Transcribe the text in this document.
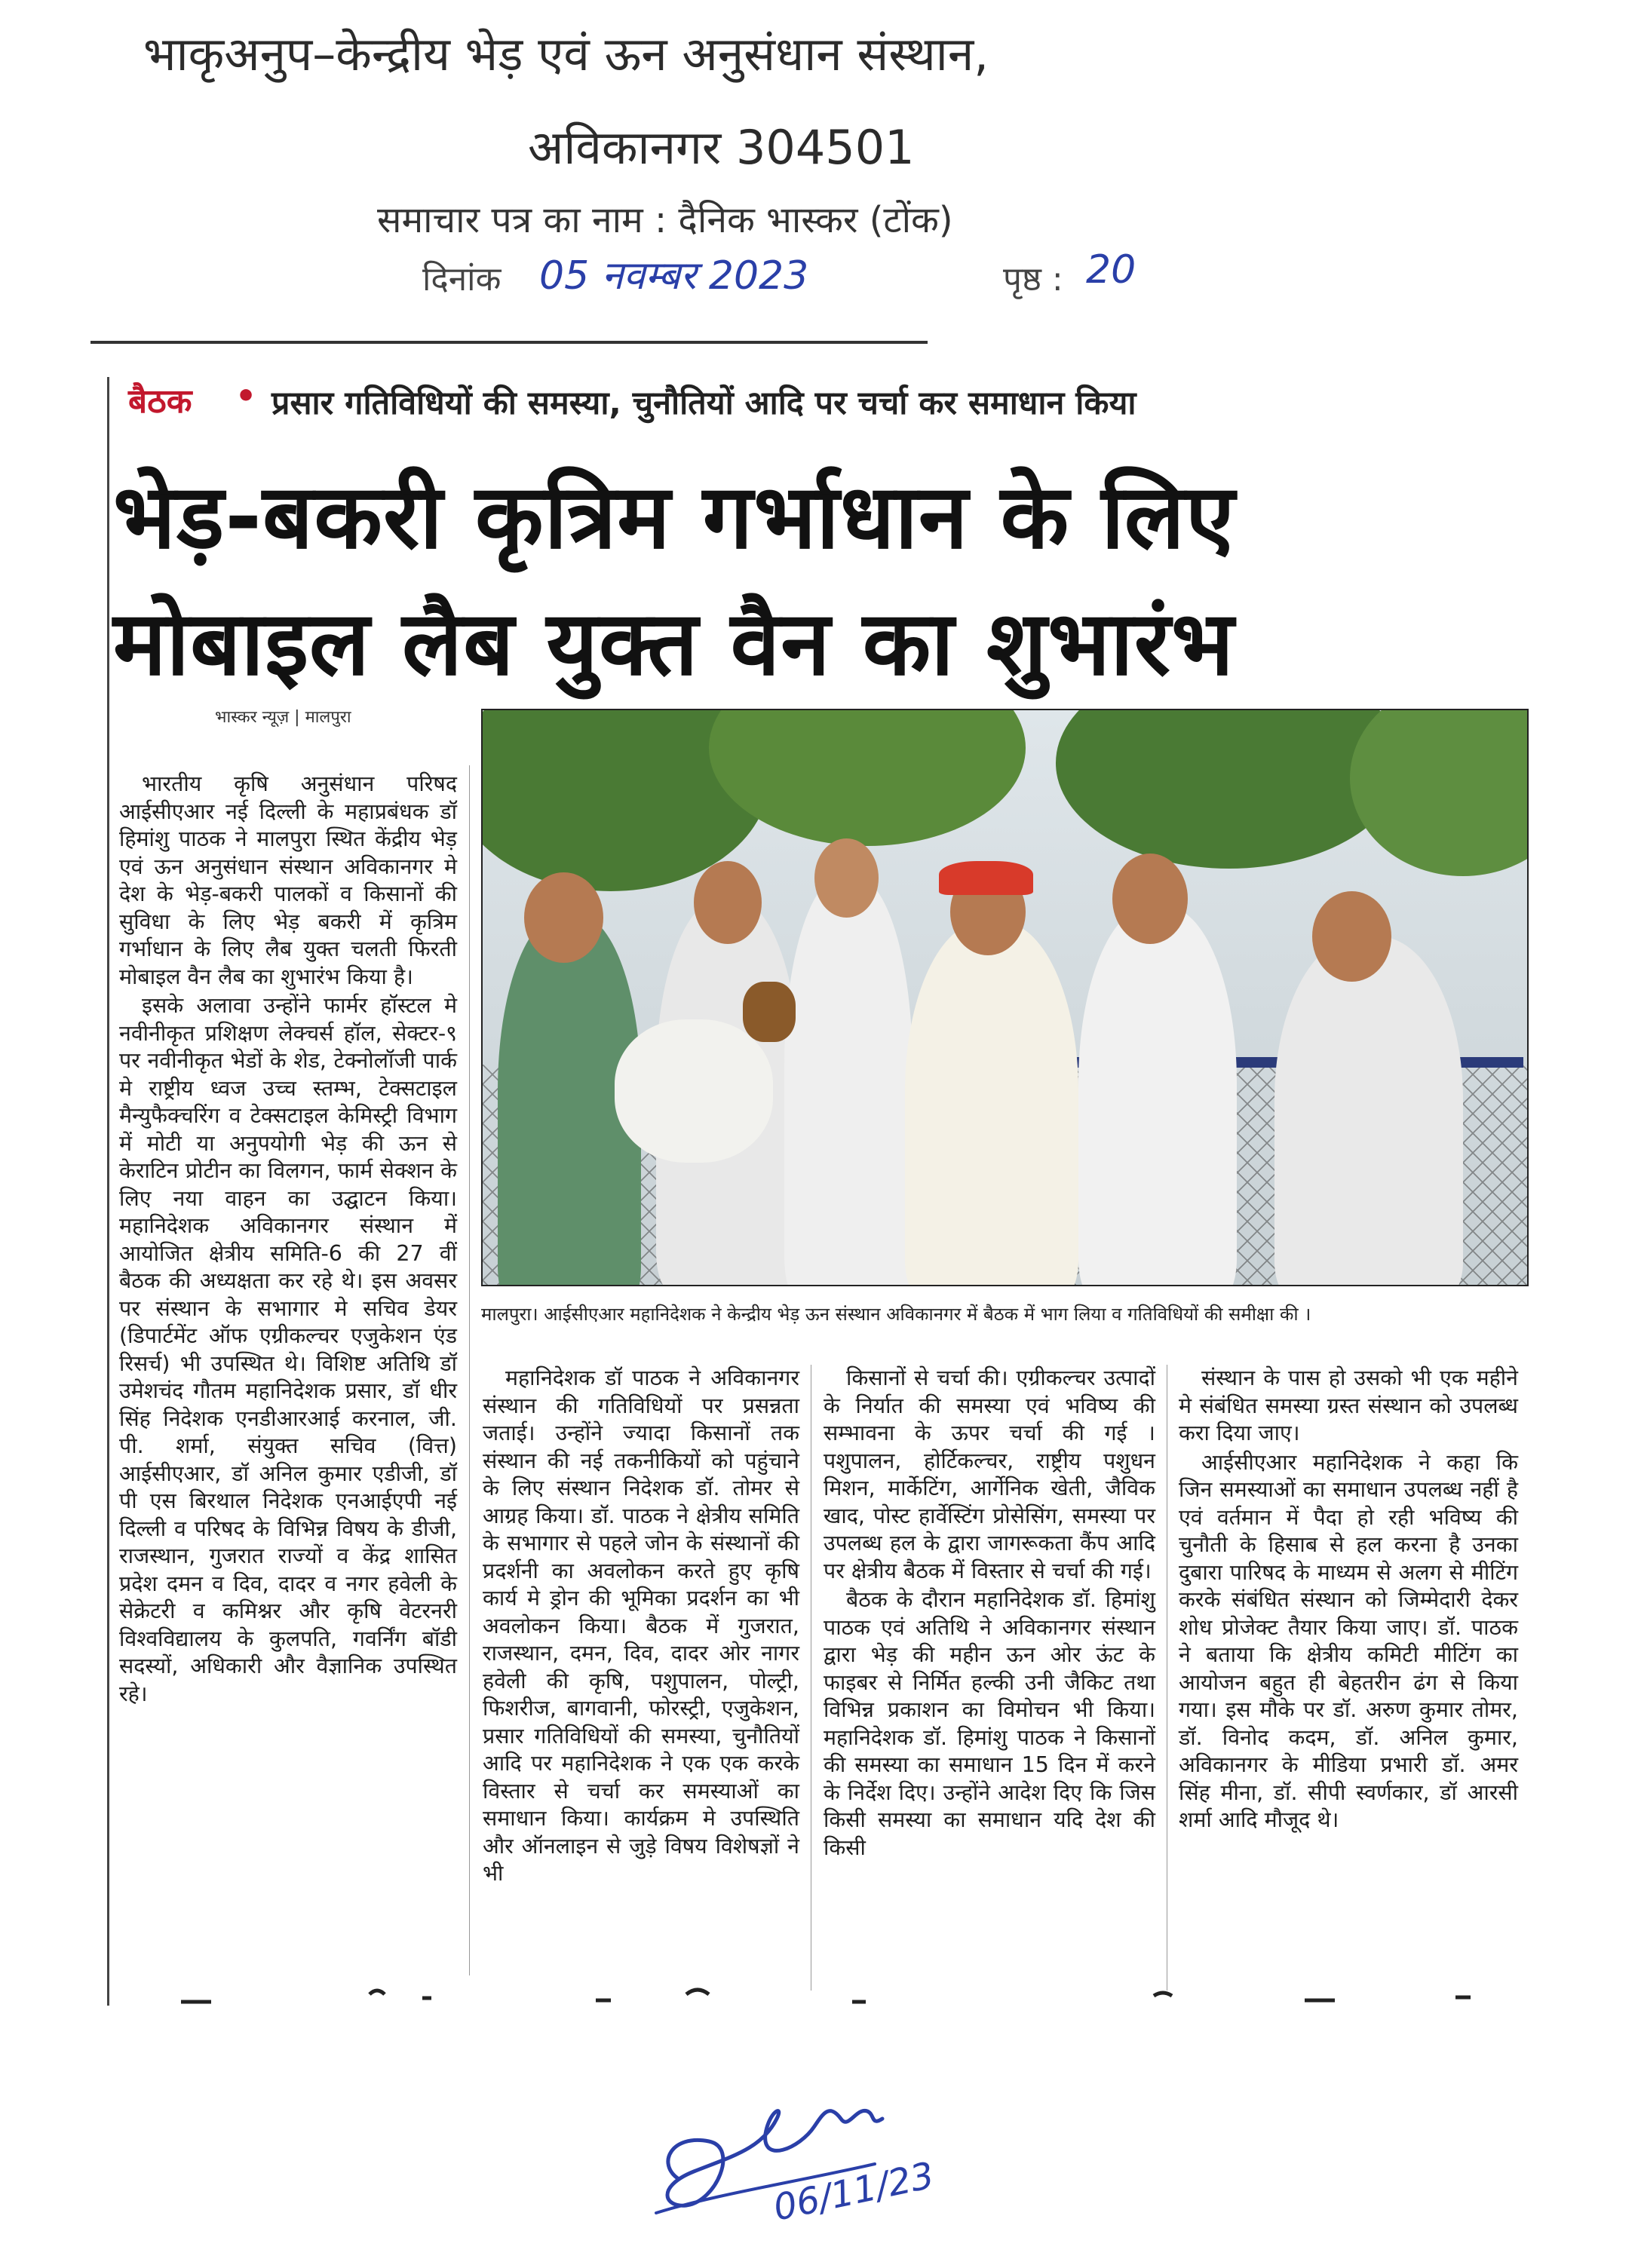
भाकृअनुप–केन्द्रीय भेड़ एवं ऊन अनुसंधान संस्थान,
अविकानगर 304501
समाचार पत्र का नाम : दैनिक भास्कर (टोंक)
दिनांक 05 नवम्बर 2023	पृष्ठ : 20
बैठक • प्रसार गतिविधियों की समस्या, चुनौतियों आदि पर चर्चा कर समाधान किया
भेड़-बकरी कृत्रिम गर्भाधान के लिए
मोबाइल लैब युक्त वैन का शुभारंभ
भास्कर न्यूज़ | मालपुरा
मालपुरा। आईसीएआर महानिदेशक ने केन्द्रीय भेड़ ऊन संस्थान अविकानगर में बैठक में भाग लिया व गतिविधियों की समीक्षा की ।

भारतीय कृषि अनुसंधान परिषद आईसीएआर नई दिल्ली के महाप्रबंधक डॉ हिमांशु पाठक ने मालपुरा स्थित केंद्रीय भेड़ एवं ऊन अनुसंधान संस्थान अविकानगर मे देश के भेड़-बकरी पालकों व किसानों की सुविधा के लिए भेड़ बकरी में कृत्रिम गर्भाधान के लिए लैब युक्त चलती फिरती मोबाइल वैन लैब का शुभारंभ किया है।

इसके अलावा उन्होंने फार्मर हॉस्टल मे नवीनीकृत प्रशिक्षण लेक्चर्स हॉल, सेक्टर-९ पर नवीनीकृत भेडों के शेड, टेक्नोलॉजी पार्क मे राष्ट्रीय ध्वज उच्च स्तम्भ, टेक्सटाइल मैन्युफैक्चरिंग व टेक्सटाइल केमिस्ट्री विभाग में मोटी या अनुपयोगी भेड़ की ऊन से केराटिन प्रोटीन का विलगन, फार्म सेक्शन के लिए नया वाहन का उद्घाटन किया। महानिदेशक अविकानगर संस्थान में आयोजित क्षेत्रीय समिति-6 की 27 वीं बैठक की अध्यक्षता कर रहे थे। इस अवसर पर संस्थान के सभागार मे सचिव डेयर (डिपार्टमेंट ऑफ एग्रीकल्चर एजुकेशन एंड रिसर्च) भी उपस्थित थे। विशिष्ट अतिथि डॉ उमेशचंद गौतम महानिदेशक प्रसार, डॉ धीर सिंह निदेशक एनडीआरआई करनाल, जी. पी. शर्मा, संयुक्त सचिव (वित्त) आईसीएआर, डॉ अनिल कुमार एडीजी, डॉ पी एस बिरथाल निदेशक एनआईएपी नई दिल्ली व परिषद के विभिन्न विषय के डीजी, राजस्थान, गुजरात राज्यों व केंद्र शासित प्रदेश दमन व दिव, दादर व नगर हवेली के सेक्रेटरी व कमिश्नर और कृषि वेटरनरी विश्वविद्यालय के कुलपति, गवर्निंग बॉडी सदस्यों, अधिकारी और वैज्ञानिक उपस्थित रहे।

महानिदेशक डॉ पाठक ने अविकानगर संस्थान की गतिविधियों पर प्रसन्नता जताई। उन्होंने ज्यादा किसानों तक संस्थान की नई तकनीकियों को पहुंचाने के लिए संस्थान निदेशक डॉ. तोमर से आग्रह किया। डॉ. पाठक ने क्षेत्रीय समिति के सभागार से पहले जोन के संस्थानों की प्रदर्शनी का अवलोकन करते हुए कृषि कार्य मे ड्रोन की भूमिका प्रदर्शन का भी अवलोकन किया। बैठक में गुजरात, राजस्थान, दमन, दिव, दादर ओर नागर हवेली की कृषि, पशुपालन, पोल्ट्री, फिशरीज, बागवानी, फोरस्ट्री, एजुकेशन, प्रसार गतिविधियों की समस्या, चुनौतियों आदि पर महानिदेशक ने एक एक करके विस्तार से चर्चा कर समस्याओं का समाधान किया। कार्यक्रम मे उपस्थिति और ऑनलाइन से जुड़े विषय विशेषज्ञों ने भी

किसानों से चर्चा की। एग्रीकल्चर उत्पादों के निर्यात की समस्या एवं भविष्य की सम्भावना के ऊपर चर्चा की गई । पशुपालन, होर्टिकल्चर, राष्ट्रीय पशुधन मिशन, मार्केटिंग, आर्गेनिक खेती, जैविक खाद, पोस्ट हार्वेस्टिंग प्रोसेसिंग, समस्या पर उपलब्ध हल के द्वारा जागरूकता कैंप आदि पर क्षेत्रीय बैठक में विस्तार से चर्चा की गई।

बैठक के दौरान महानिदेशक डॉ. हिमांशु पाठक एवं अतिथि ने अविकानगर संस्थान द्वारा भेड़ की महीन ऊन ओर ऊंट के फाइबर से निर्मित हल्की उनी जैकिट तथा विभिन्न प्रकाशन का विमोचन भी किया। महानिदेशक डॉ. हिमांशु पाठक ने किसानों की समस्या का समाधान 15 दिन में करने के निर्देश दिए। उन्होंने आदेश दिए कि जिस किसी समस्या का समाधान यदि देश की किसी

संस्थान के पास हो उसको भी एक महीने मे संबंधित समस्या ग्रस्त संस्थान को उपलब्ध करा दिया जाए।

आईसीएआर महानिदेशक ने कहा कि जिन समस्याओं का समाधान उपलब्ध नहीं है एवं वर्तमान में पैदा हो रही भविष्य की चुनौती के हिसाब से हल करना है उनका दुबारा पारिषद के माध्यम से अलग से मीटिंग करके संबंधित संस्थान को जिम्मेदारी देकर शोध प्रोजेक्ट तैयार किया जाए। डॉ. पाठक ने बताया कि क्षेत्रीय कमिटी मीटिंग का आयोजन बहुत ही बेहतरीन ढंग से किया गया। इस मौके पर डॉ. अरुण कुमार तोमर, डॉ. विनोद कदम, डॉ. अनिल कुमार, अविकानगर के मीडिया प्रभारी डॉ. अमर सिंह मीना, डॉ. सीपी स्वर्णकार, डॉ आरसी शर्मा आदि मौजूद थे।

06/11/23
